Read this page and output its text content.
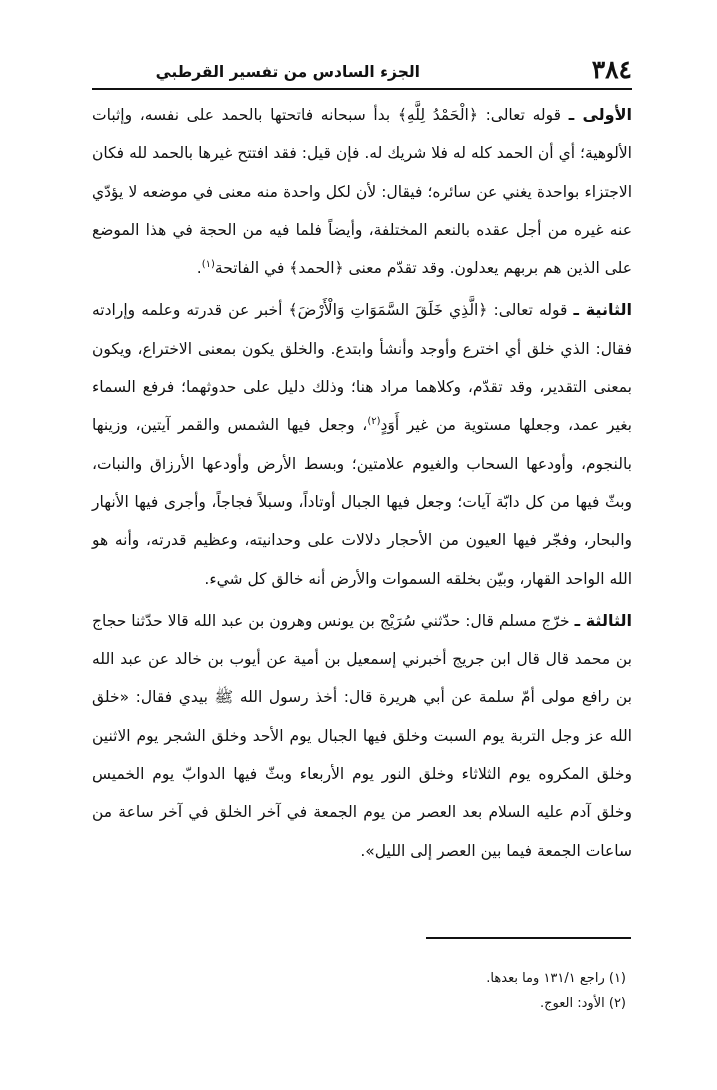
٣٨٤
الجزء السادس من تفسير القرطبي

الأولى ـ قوله تعالى: ﴿الْحَمْدُ لِلَّهِ﴾ بدأ سبحانه فاتحتها بالحمد على نفسه، وإثبات الألوهية؛ أي أن الحمد كله له فلا شريك له. فإن قيل: فقد افتتح غيرها بالحمد لله فكان الاجتزاء بواحدة يغني عن سائره؛ فيقال: لأن لكل واحدة منه معنى في موضعه لا يؤدّي عنه غيره من أجل عقده بالنعم المختلفة، وأيضاً فلما فيه من الحجة في هذا الموضع على الذين هم بربهم يعدلون. وقد تقدّم معنى ﴿الحمد﴾ في الفاتحة$^{(١)}$.

الثانية ـ قوله تعالى: ﴿الَّذِي خَلَقَ السَّمَوَاتِ وَالْأَرْضَ﴾ أخبر عن قدرته وعلمه وإرادته فقال: الذي خلق أي اخترع وأوجد وأنشأ وابتدع. والخلق يكون بمعنى الاختراع، ويكون بمعنى التقدير، وقد تقدّم، وكلاهما مراد هنا؛ وذلك دليل على حدوثهما؛ فرفع السماء بغير عمد، وجعلها مستوية من غير أَوَدٍ$^{(٢)}$، وجعل فيها الشمس والقمر آيتين، وزينها بالنجوم، وأودعها السحاب والغيوم علامتين؛ وبسط الأرض وأودعها الأرزاق والنبات، وبثّ فيها من كل دابّة آيات؛ وجعل فيها الجبال أوتاداً، وسبلاً فجاجاً، وأجرى فيها الأنهار والبحار، وفجّر فيها العيون من الأحجار دلالات على وحدانيته، وعظيم قدرته، وأنه هو الله الواحد القهار، وبيّن بخلقه السموات والأرض أنه خالق كل شيء.

الثالثة ـ خرّج مسلم قال: حدّثني سُرَيْج بن يونس وهرون بن عبد الله قالا حدّثنا حجاج بن محمد قال قال ابن جريج أخبرني إسمعيل بن أمية عن أيوب بن خالد عن عبد الله بن رافع مولى أمّ سلمة عن أبي هريرة قال: أخذ رسول الله ﷺ بيدي فقال: «خلق الله عز وجل التربة يوم السبت وخلق فيها الجبال يوم الأحد وخلق الشجر يوم الاثنين وخلق المكروه يوم الثلاثاء وخلق النور يوم الأربعاء وبثّ فيها الدوابّ يوم الخميس وخلق آدم عليه السلام بعد العصر من يوم الجمعة في آخر الخلق في آخر ساعة من ساعات الجمعة فيما بين العصر إلى الليل».

(١) راجع ١٣١/١ وما بعدها.

(٢) الأود: العوج.
